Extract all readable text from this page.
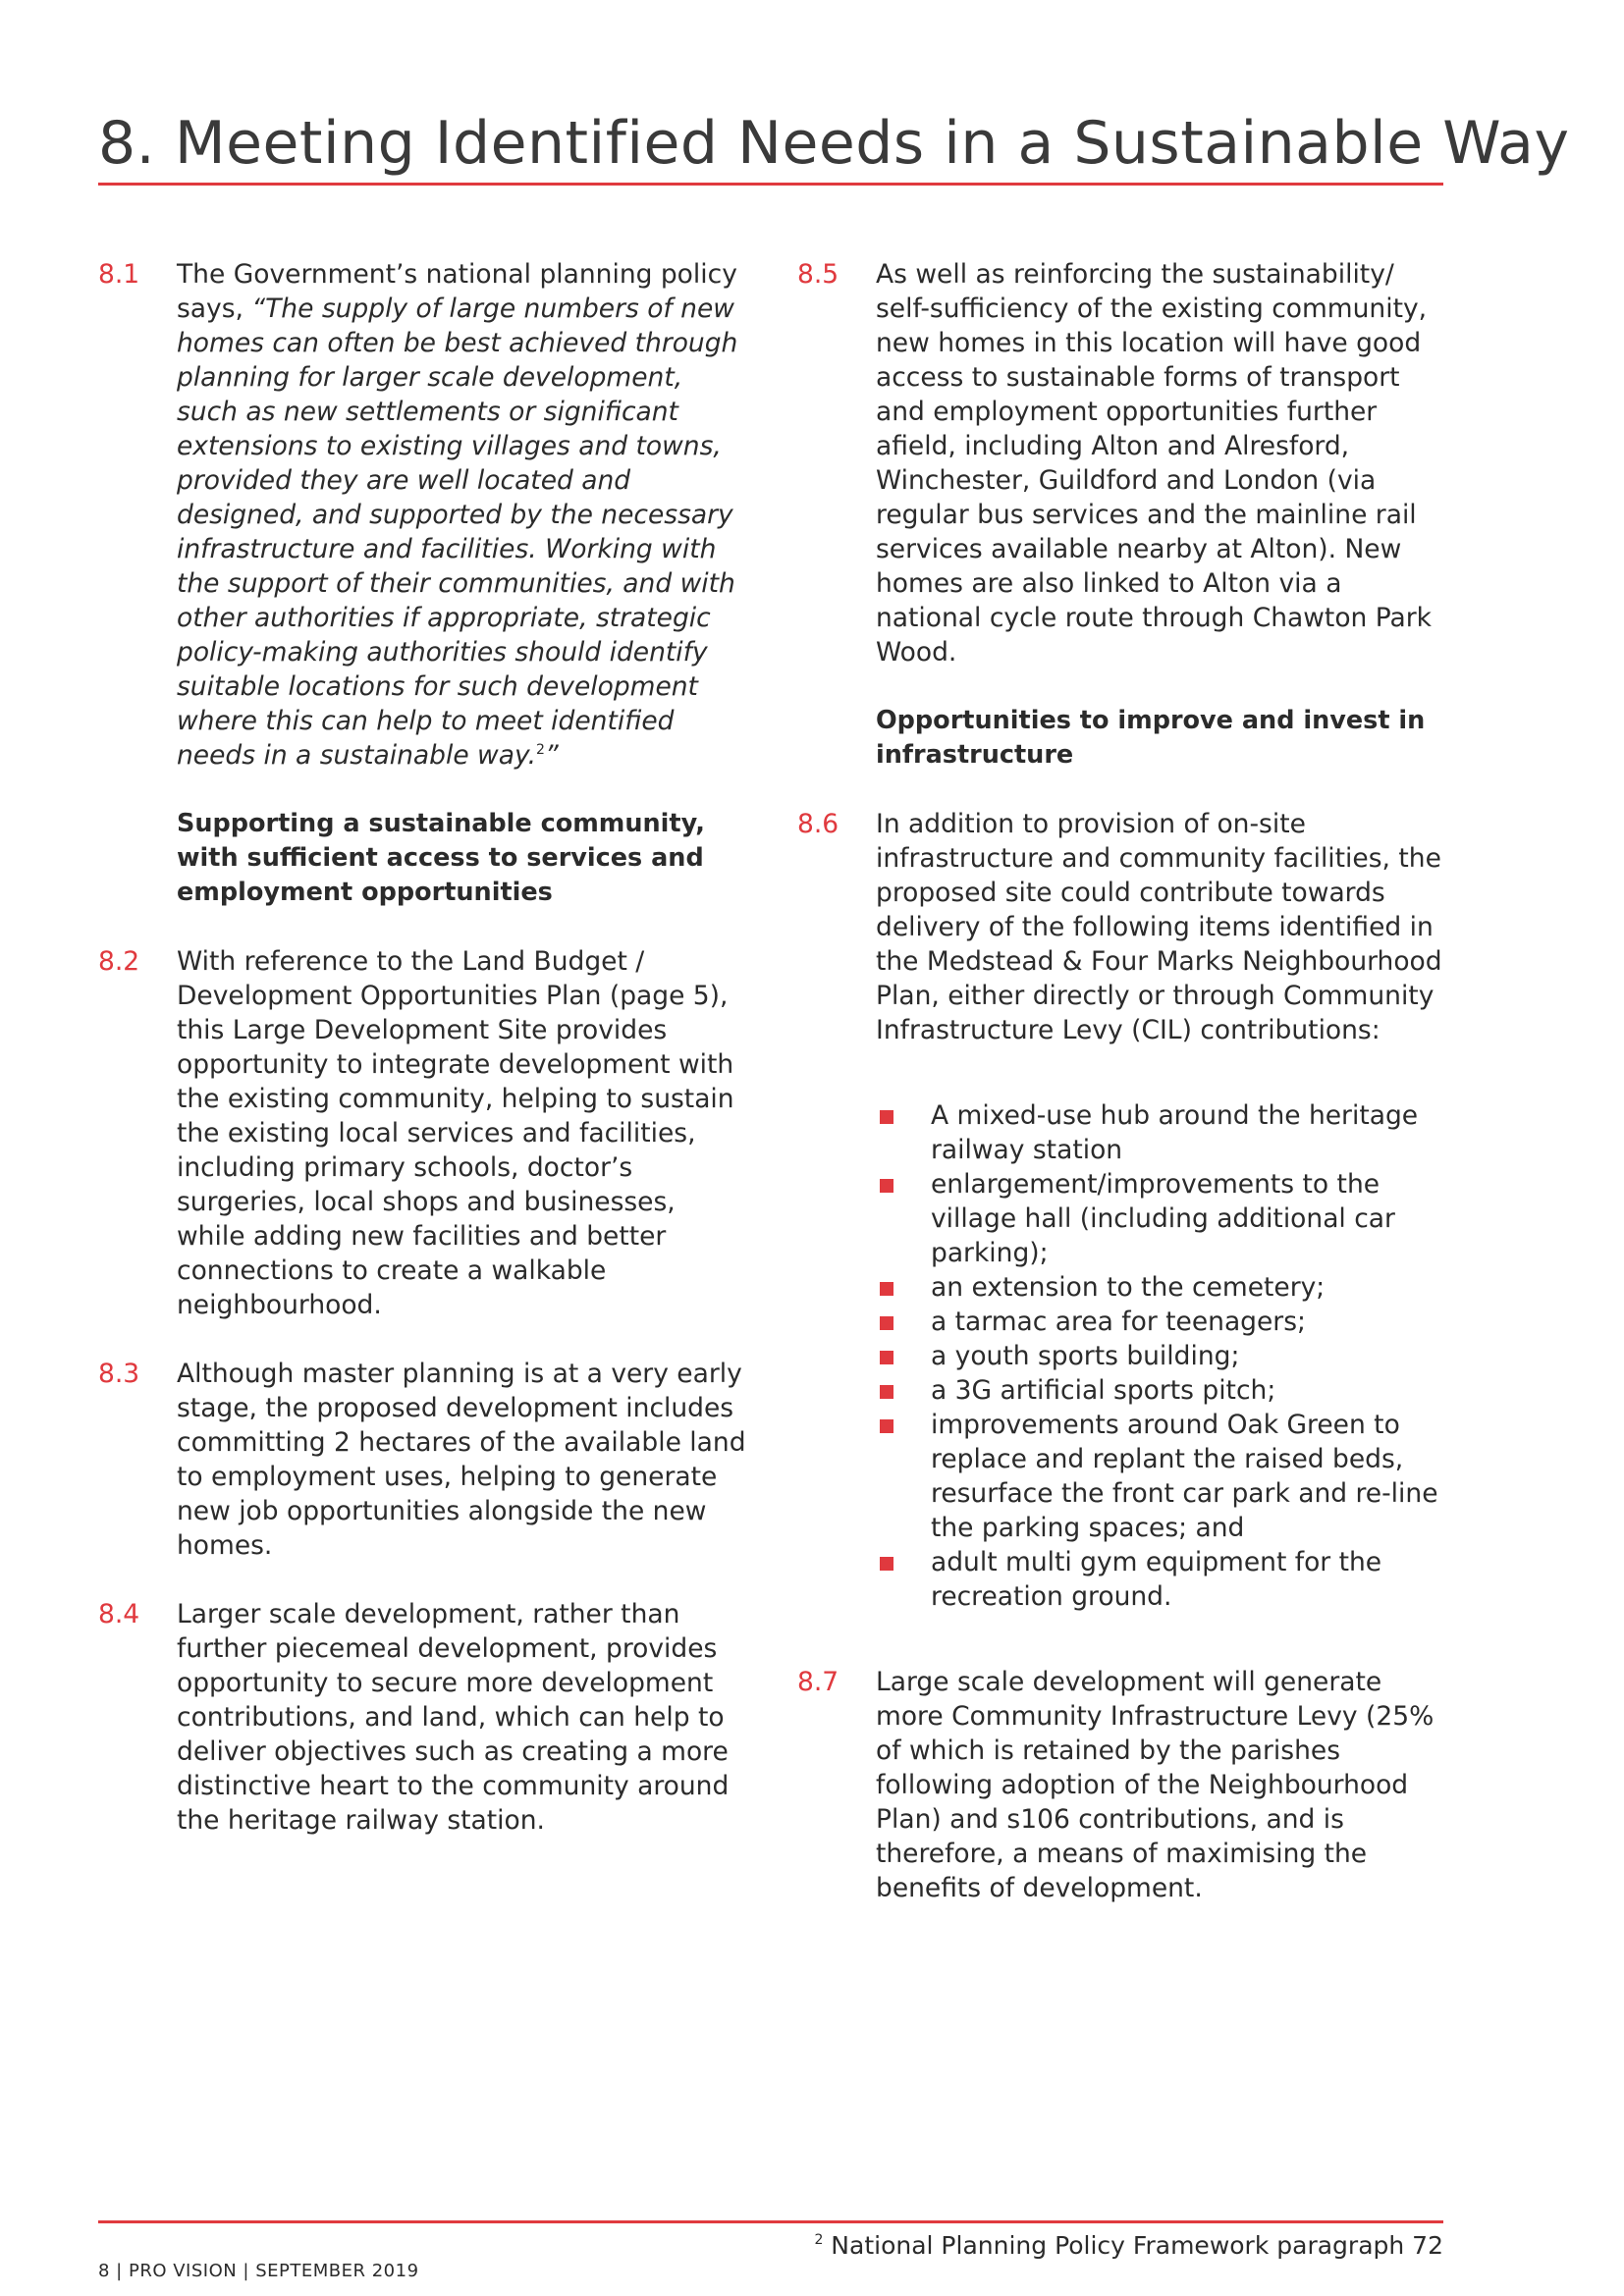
8. Meeting Identified Needs in a Sustainable Way

8.1 The Government’s national planning policy says, “The supply of large numbers of new homes can often be best achieved through planning for larger scale development, such as new settlements or significant extensions to existing villages and towns, provided they are well located and designed, and supported by the necessary infrastructure and facilities. Working with the support of their communities, and with other authorities if appropriate, strategic policy-making authorities should identify suitable locations for such development where this can help to meet identified needs in a sustainable way.$^2$”

Supporting a sustainable community, with sufficient access to services and employment opportunities

8.2 With reference to the Land Budget / Development Opportunities Plan (page 5), this Large Development Site provides opportunity to integrate development with the existing community, helping to sustain the existing local services and facilities, including primary schools, doctor’s surgeries, local shops and businesses, while adding new facilities and better connections to create a walkable neighbourhood.

8.3 Although master planning is at a very early stage, the proposed development includes committing 2 hectares of the available land to employment uses, helping to generate new job opportunities alongside the new homes.

8.4 Larger scale development, rather than further piecemeal development, provides opportunity to secure more development contributions, and land, which can help to deliver objectives such as creating a more distinctive heart to the community around the heritage railway station.

8.5 As well as reinforcing the sustainability/ self-sufficiency of the existing community, new homes in this location will have good access to sustainable forms of transport and employment opportunities further afield, including Alton and Alresford, Winchester, Guildford and London (via regular bus services and the mainline rail services available nearby at Alton). New homes are also linked to Alton via a national cycle route through Chawton Park Wood.

Opportunities to improve and invest in infrastructure

8.6 In addition to provision of on-site infrastructure and community facilities, the proposed site could contribute towards delivery of the following items identified in the Medstead & Four Marks Neighbourhood Plan, either directly or through Community Infrastructure Levy (CIL) contributions:

A mixed-use hub around the heritage railway station
enlargement/improvements to the village hall (including additional car parking);
an extension to the cemetery;
a tarmac area for teenagers;
a youth sports building;
a 3G artificial sports pitch;
improvements around Oak Green to replace and replant the raised beds, resurface the front car park and re-line the parking spaces; and
adult multi gym equipment for the recreation ground.

8.7 Large scale development will generate more Community Infrastructure Levy (25% of which is retained by the parishes following adoption of the Neighbourhood Plan) and s106 contributions, and is therefore, a means of maximising the benefits of development.

$^2$ National Planning Policy Framework paragraph 72
8 | PRO VISION | SEPTEMBER 2019
